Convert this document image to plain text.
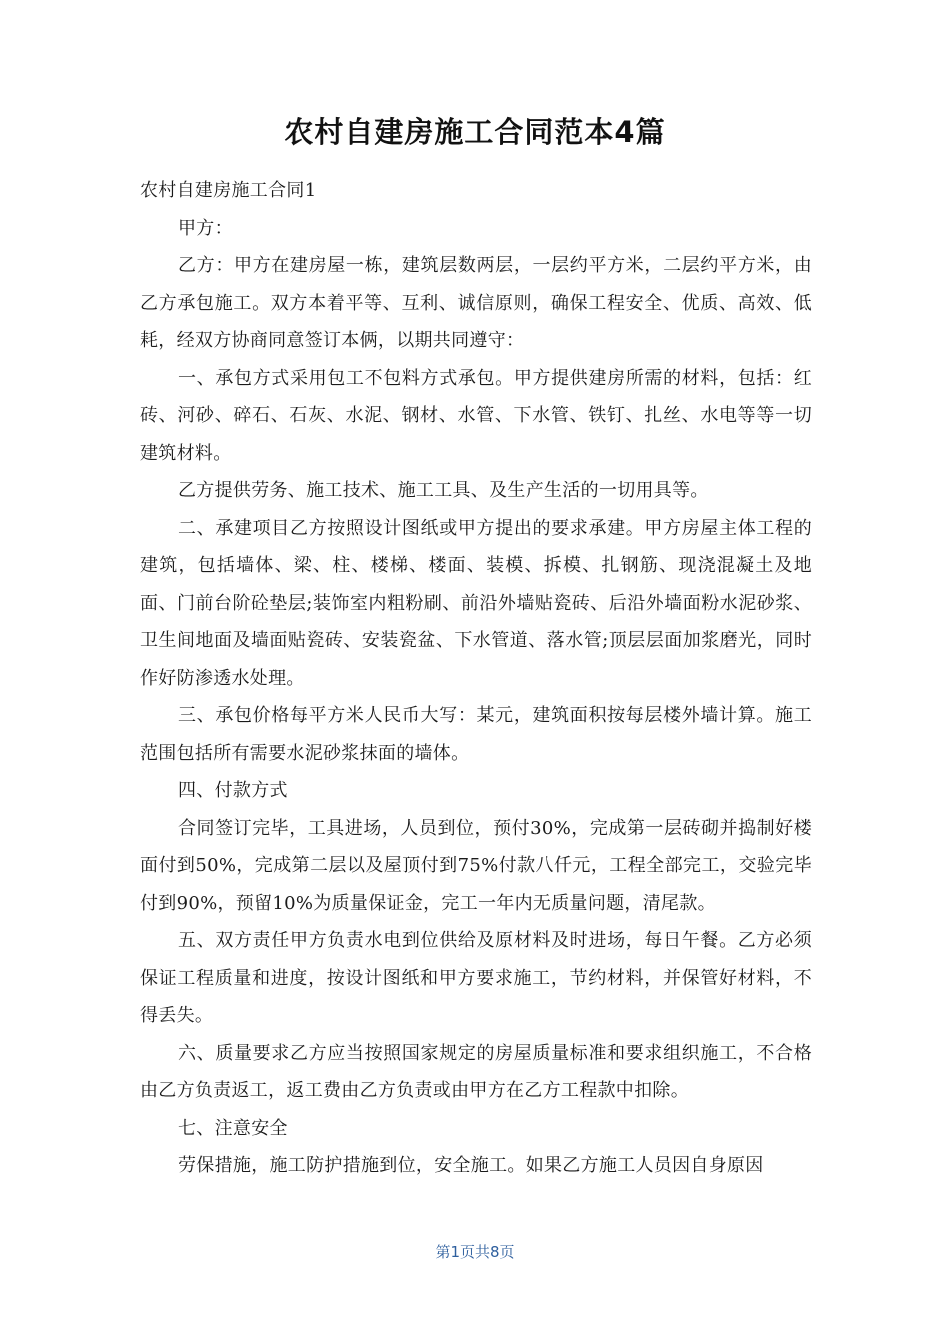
农村自建房施工合同范本4篇

农村自建房施工合同1

甲方：

乙方：甲方在建房屋一栋，建筑层数两层，一层约平方米，二层约平方米，由乙方承包施工。双方本着平等、互利、诚信原则，确保工程安全、优质、高效、低耗，经双方协商同意签订本俩，以期共同遵守：

一、承包方式采用包工不包料方式承包。甲方提供建房所需的材料，包括：红砖、河砂、碎石、石灰、水泥、钢材、水管、下水管、铁钉、扎丝、水电等等一切建筑材料。

乙方提供劳务、施工技术、施工工具、及生产生活的一切用具等。

二、承建项目乙方按照设计图纸或甲方提出的要求承建。甲方房屋主体工程的建筑，包括墙体、梁、柱、楼梯、楼面、装模、拆模、扎钢筋、现浇混凝土及地面、门前台阶砼垫层;装饰室内粗粉刷、前沿外墙贴瓷砖、后沿外墙面粉水泥砂浆、卫生间地面及墙面贴瓷砖、安装瓷盆、下水管道、落水管;顶层层面加浆磨光，同时作好防渗透水处理。

三、承包价格每平方米人民币大写：某元，建筑面积按每层楼外墙计算。施工范围包括所有需要水泥砂浆抹面的墙体。

四、付款方式

合同签订完毕，工具进场，人员到位，预付30%，完成第一层砖砌并捣制好楼面付到50%，完成第二层以及屋顶付到75%付款八仟元，工程全部完工，交验完毕付到90%，预留10%为质量保证金，完工一年内无质量问题，清尾款。

五、双方责任甲方负责水电到位供给及原材料及时进场，每日午餐。乙方必须保证工程质量和进度，按设计图纸和甲方要求施工，节约材料，并保管好材料，不得丢失。

六、质量要求乙方应当按照国家规定的房屋质量标准和要求组织施工，不合格由乙方负责返工，返工费由乙方负责或由甲方在乙方工程款中扣除。

七、注意安全

劳保措施，施工防护措施到位，安全施工。如果乙方施工人员因自身原因

第1页共8页
